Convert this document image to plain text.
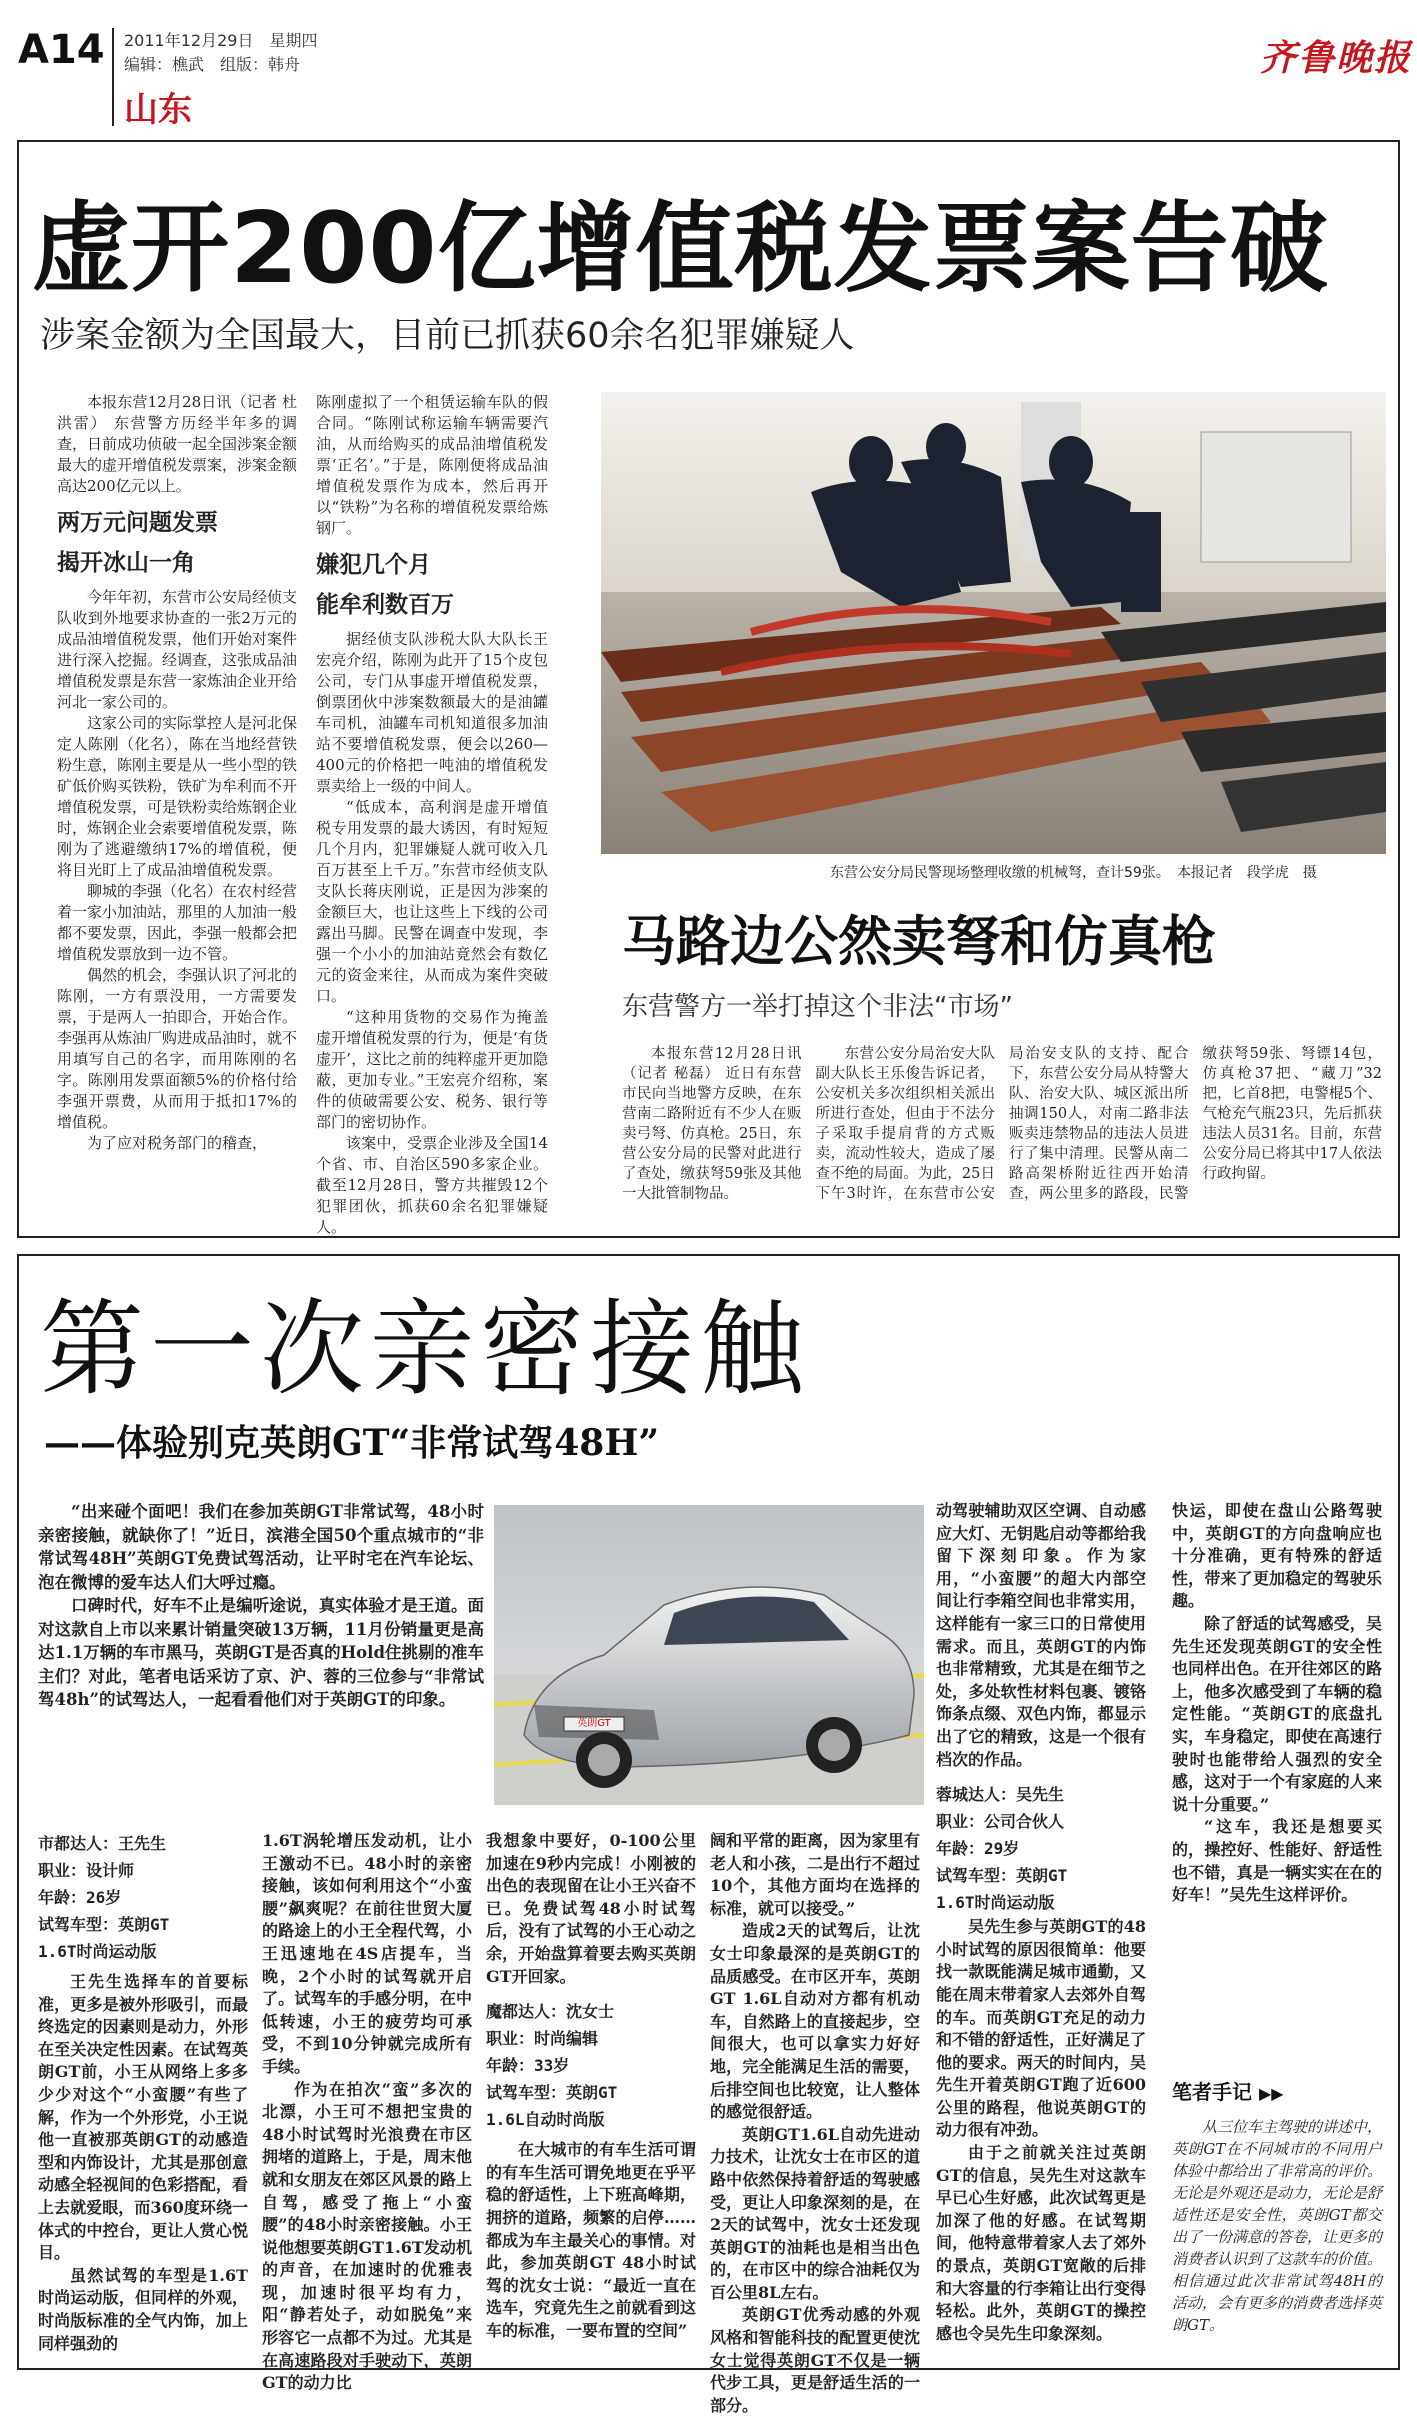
A14 2011年12月29日　星期四
编辑：樵武　组版：韩舟
山东
齐鲁晚报
虚开200亿增值税发票案告破
涉案金额为全国最大，目前已抓获60余名犯罪嫌疑人

本报东营12月28日讯（记者 杜洪雷） 东营警方历经半年多的调查，日前成功侦破一起全国涉案金额最大的虚开增值税发票案，涉案金额高达200亿元以上。

两万元问题发票
揭开冰山一角

今年年初，东营市公安局经侦支队收到外地要求协查的一张2万元的成品油增值税发票，他们开始对案件进行深入挖掘。经调查，这张成品油增值税发票是东营一家炼油企业开给河北一家公司的。

这家公司的实际掌控人是河北保定人陈刚（化名），陈在当地经营铁粉生意，陈刚主要是从一些小型的铁矿低价购买铁粉，铁矿为牟利而不开增值税发票，可是铁粉卖给炼钢企业时，炼钢企业会索要增值税发票，陈刚为了逃避缴纳17%的增值税，便将目光盯上了成品油增值税发票。

聊城的李强（化名）在农村经营着一家小加油站，那里的人加油一般都不要发票，因此，李强一般都会把增值税发票放到一边不管。

偶然的机会，李强认识了河北的陈刚，一方有票没用，一方需要发票，于是两人一拍即合，开始合作。李强再从炼油厂购进成品油时，就不用填写自己的名字，而用陈刚的名字。陈刚用发票面额5%的价格付给李强开票费，从而用于抵扣17%的增值税。

为了应对税务部门的稽查，

陈刚虚拟了一个租赁运输车队的假合同。“陈刚试称运输车辆需要汽油，从而给购买的成品油增值税发票‘正名’。”于是，陈刚便将成品油增值税发票作为成本，然后再开以“铁粉”为名称的增值税发票给炼钢厂。

嫌犯几个月
能牟利数百万

据经侦支队涉税大队大队长王宏亮介绍，陈刚为此开了15个皮包公司，专门从事虚开增值税发票，倒票团伙中涉案数额最大的是油罐车司机，油罐车司机知道很多加油站不要增值税发票，便会以260—400元的价格把一吨油的增值税发票卖给上一级的中间人。

“低成本，高利润是虚开增值税专用发票的最大诱因，有时短短几个月内，犯罪嫌疑人就可收入几百万甚至上千万。”东营市经侦支队支队长蒋庆刚说，正是因为涉案的金额巨大，也让这些上下线的公司露出马脚。民警在调查中发现，李强一个小小的加油站竟然会有数亿元的资金来往，从而成为案件突破口。

“这种用货物的交易作为掩盖虚开增值税发票的行为，便是‘有货虚开’，这比之前的纯粹虚开更加隐蔽，更加专业。”王宏亮介绍称，案件的侦破需要公安、税务、银行等部门的密切协作。

该案中，受票企业涉及全国14个省、市、自治区590多家企业。截至12月28日，警方共摧毁12个犯罪团伙，抓获60余名犯罪嫌疑人。

东营公安分局民警现场整理收缴的机械弩，查计59张。　本报记者　段学虎　摄
马路边公然卖弩和仿真枪
东营警方一举打掉这个非法“市场”

本报东营12月28日讯（记者 秘磊） 近日有东营市民向当地警方反映，在东营南二路附近有不少人在贩卖弓弩、仿真枪。25日，东营公安分局的民警对此进行了查处，缴获弩59张及其他一大批管制物品。

东营公安分局治安大队副大队长王乐俊告诉记者，公安机关多次组织相关派出所进行查处，但由于不法分子采取手提肩背的方式贩卖，流动性较大，造成了屡查不绝的局面。为此，25日下午3时许，在东营市公安局治安支队的支持、配合下，东营公安分局从特警大队、治安大队、城区派出所抽调150人，对南二路非法贩卖违禁物品的违法人员进行了集中清理。民警从南二路高架桥附近往西开始清查，两公里多的路段，民警缴获弩59张、弩镖14包，仿真枪37把、“藏刀”32把，匕首8把，电警棍5个、气枪充气瓶23只，先后抓获违法人员31名。目前，东营公安分局已将其中17人依法行政拘留。

第一次亲密接触
——体验别克英朗GT“非常试驾48H”

“出来碰个面吧！我们在参加英朗GT非常试驾，48小时亲密接触，就缺你了！”近日，滨港全国50个重点城市的“非常试驾48H”英朗GT免费试驾活动，让平时宅在汽车论坛、泡在微博的爱车达人们大呼过瘾。

口碑时代，好车不止是编听途说，真实体验才是王道。面对这款自上市以来累计销量突破13万辆，11月份销量更是高达1.1万辆的车市黑马，英朗GT是否真的Hold住挑剔的准车主们？对此，笔者电话采访了京、沪、蓉的三位参与“非常试驾48h”的试驾达人，一起看看他们对于英朗GT的印象。

英朗GT

动驾驶辅助双区空调、自动感应大灯、无钥匙启动等都给我留下深刻印象。作为家用，“小蛮腰”的超大内部空间让行李箱空间也非常实用，这样能有一家三口的日常使用需求。而且，英朗GT的内饰也非常精致，尤其是在细节之处，多处软性材料包裹、镀铬饰条点缀、双色内饰，都显示出了它的精致，这是一个很有档次的作品。

蓉城达人：吴先生
职业：公司合伙人
年龄：29岁
试驾车型：英朗GT
1.6T时尚运动版

吴先生参与英朗GT的48小时试驾的原因很简单：他要找一款既能满足城市通勤，又能在周末带着家人去郊外自驾的车。而英朗GT充足的动力和不错的舒适性，正好满足了他的要求。两天的时间内，吴先生开着英朗GT跑了近600公里的路程，他说英朗GT的动力很有冲劲。

由于之前就关注过英朗GT的信息，吴先生对这款车早已心生好感，此次试驾更是加深了他的好感。在试驾期间，他特意带着家人去了郊外的景点，英朗GT宽敞的后排和大容量的行李箱让出行变得轻松。此外，英朗GT的操控感也令吴先生印象深刻。

快运，即使在盘山公路驾驶中，英朗GT的方向盘响应也十分准确，更有特殊的舒适性，带来了更加稳定的驾驶乐趣。

除了舒适的试驾感受，吴先生还发现英朗GT的安全性也同样出色。在开往郊区的路上，他多次感受到了车辆的稳定性能。“英朗GT的底盘扎实，车身稳定，即使在高速行驶时也能带给人强烈的安全感，这对于一个有家庭的人来说十分重要。”

“这车，我还是想要买的，操控好、性能好、舒适性也不错，真是一辆实实在在的好车！”吴先生这样评价。

笔者手记 ▶▶
从三位车主驾驶的讲述中，英朗GT在不同城市的不同用户体验中都给出了非常高的评价。无论是外观还是动力，无论是舒适性还是安全性，英朗GT都交出了一份满意的答卷，让更多的消费者认识到了这款车的价值。相信通过此次非常试驾48H的活动，会有更多的消费者选择英朗GT。
市都达人：王先生
职业：设计师
年龄：26岁
试驾车型：英朗GT
1.6T时尚运动版

王先生选择车的首要标准，更多是被外形吸引，而最终选定的因素则是动力，外形在至关决定性因素。在试驾英朗GT前，小王从网络上多多少少对这个“小蛮腰”有些了解，作为一个外形党，小王说他一直被那英朗GT的动感造型和内饰设计，尤其是那创意动感全轻视间的色彩搭配，看上去就爱眼，而360度环绕一体式的中控台，更让人赏心悦目。

虽然试驾的车型是1.6T时尚运动版，但同样的外观，时尚版标准的全气内饰，加上同样强劲的

1.6T涡轮增压发动机，让小王激动不已。48小时的亲密接触，该如何利用这个“小蛮腰”飙爽呢？在前往世贸大厦的路途上的小王全程代驾，小王迅速地在4S店提车，当晚，2个小时的试驾就开启了。试驾车的手感分明，在中低转速，小王的疲劳均可承受，不到10分钟就完成所有手续。

作为在拍次“蛮”多次的北漂，小王可不想把宝贵的48小时试驾时光浪费在市区拥堵的道路上，于是，周末他就和女朋友在郊区风景的路上自驾，感受了拖上“小蛮腰”的48小时亲密接触。小王说他想要英朗GT1.6T发动机的声音，在加速时的优雅表现，加速时很平均有力，阳“静若处子，动如脱兔”来形容它一点都不为过。尤其是在高速路段对手驶动下，英朗GT的动力比

我想象中要好，0-100公里加速在9秒内完成！小刚被的出色的表现留在让小王兴奋不已。免费试驾48小时试驾后，没有了试驾的小王心动之余，开始盘算着要去购买英朗GT开回家。

魔都达人：沈女士
职业：时尚编辑
年龄：33岁
试驾车型：英朗GT
1.6L自动时尚版

在大城市的有车生活可谓的有车生活可谓免地更在乎平稳的舒适性，上下班高峰期，拥挤的道路，频繁的启停……都成为车主最关心的事情。对此，参加英朗GT 48小时试驾的沈女士说：“最近一直在选车，究竟先生之前就看到这车的标准，一要布置的空间”

阔和平常的距离，因为家里有老人和小孩，二是出行不超过10个，其他方面均在选择的标准，就可以接受。”

造成2天的试驾后，让沈女士印象最深的是英朗GT的品质感受。在市区开车，英朗GT 1.6L自动对方都有机动车，自然路上的直接起步，空间很大，也可以拿实力好好地，完全能满足生活的需要，后排空间也比较宽，让人整体的感觉很舒适。

英朗GT1.6L自动先进动力技术，让沈女士在市区的道路中依然保持着舒适的驾驶感受，更让人印象深刻的是，在2天的试驾中，沈女士还发现英朗GT的油耗也是相当出色的，在市区中的综合油耗仅为百公里8L左右。

英朗GT优秀动感的外观风格和智能科技的配置更使沈女士觉得英朗GT不仅是一辆代步工具，更是舒适生活的一部分。
